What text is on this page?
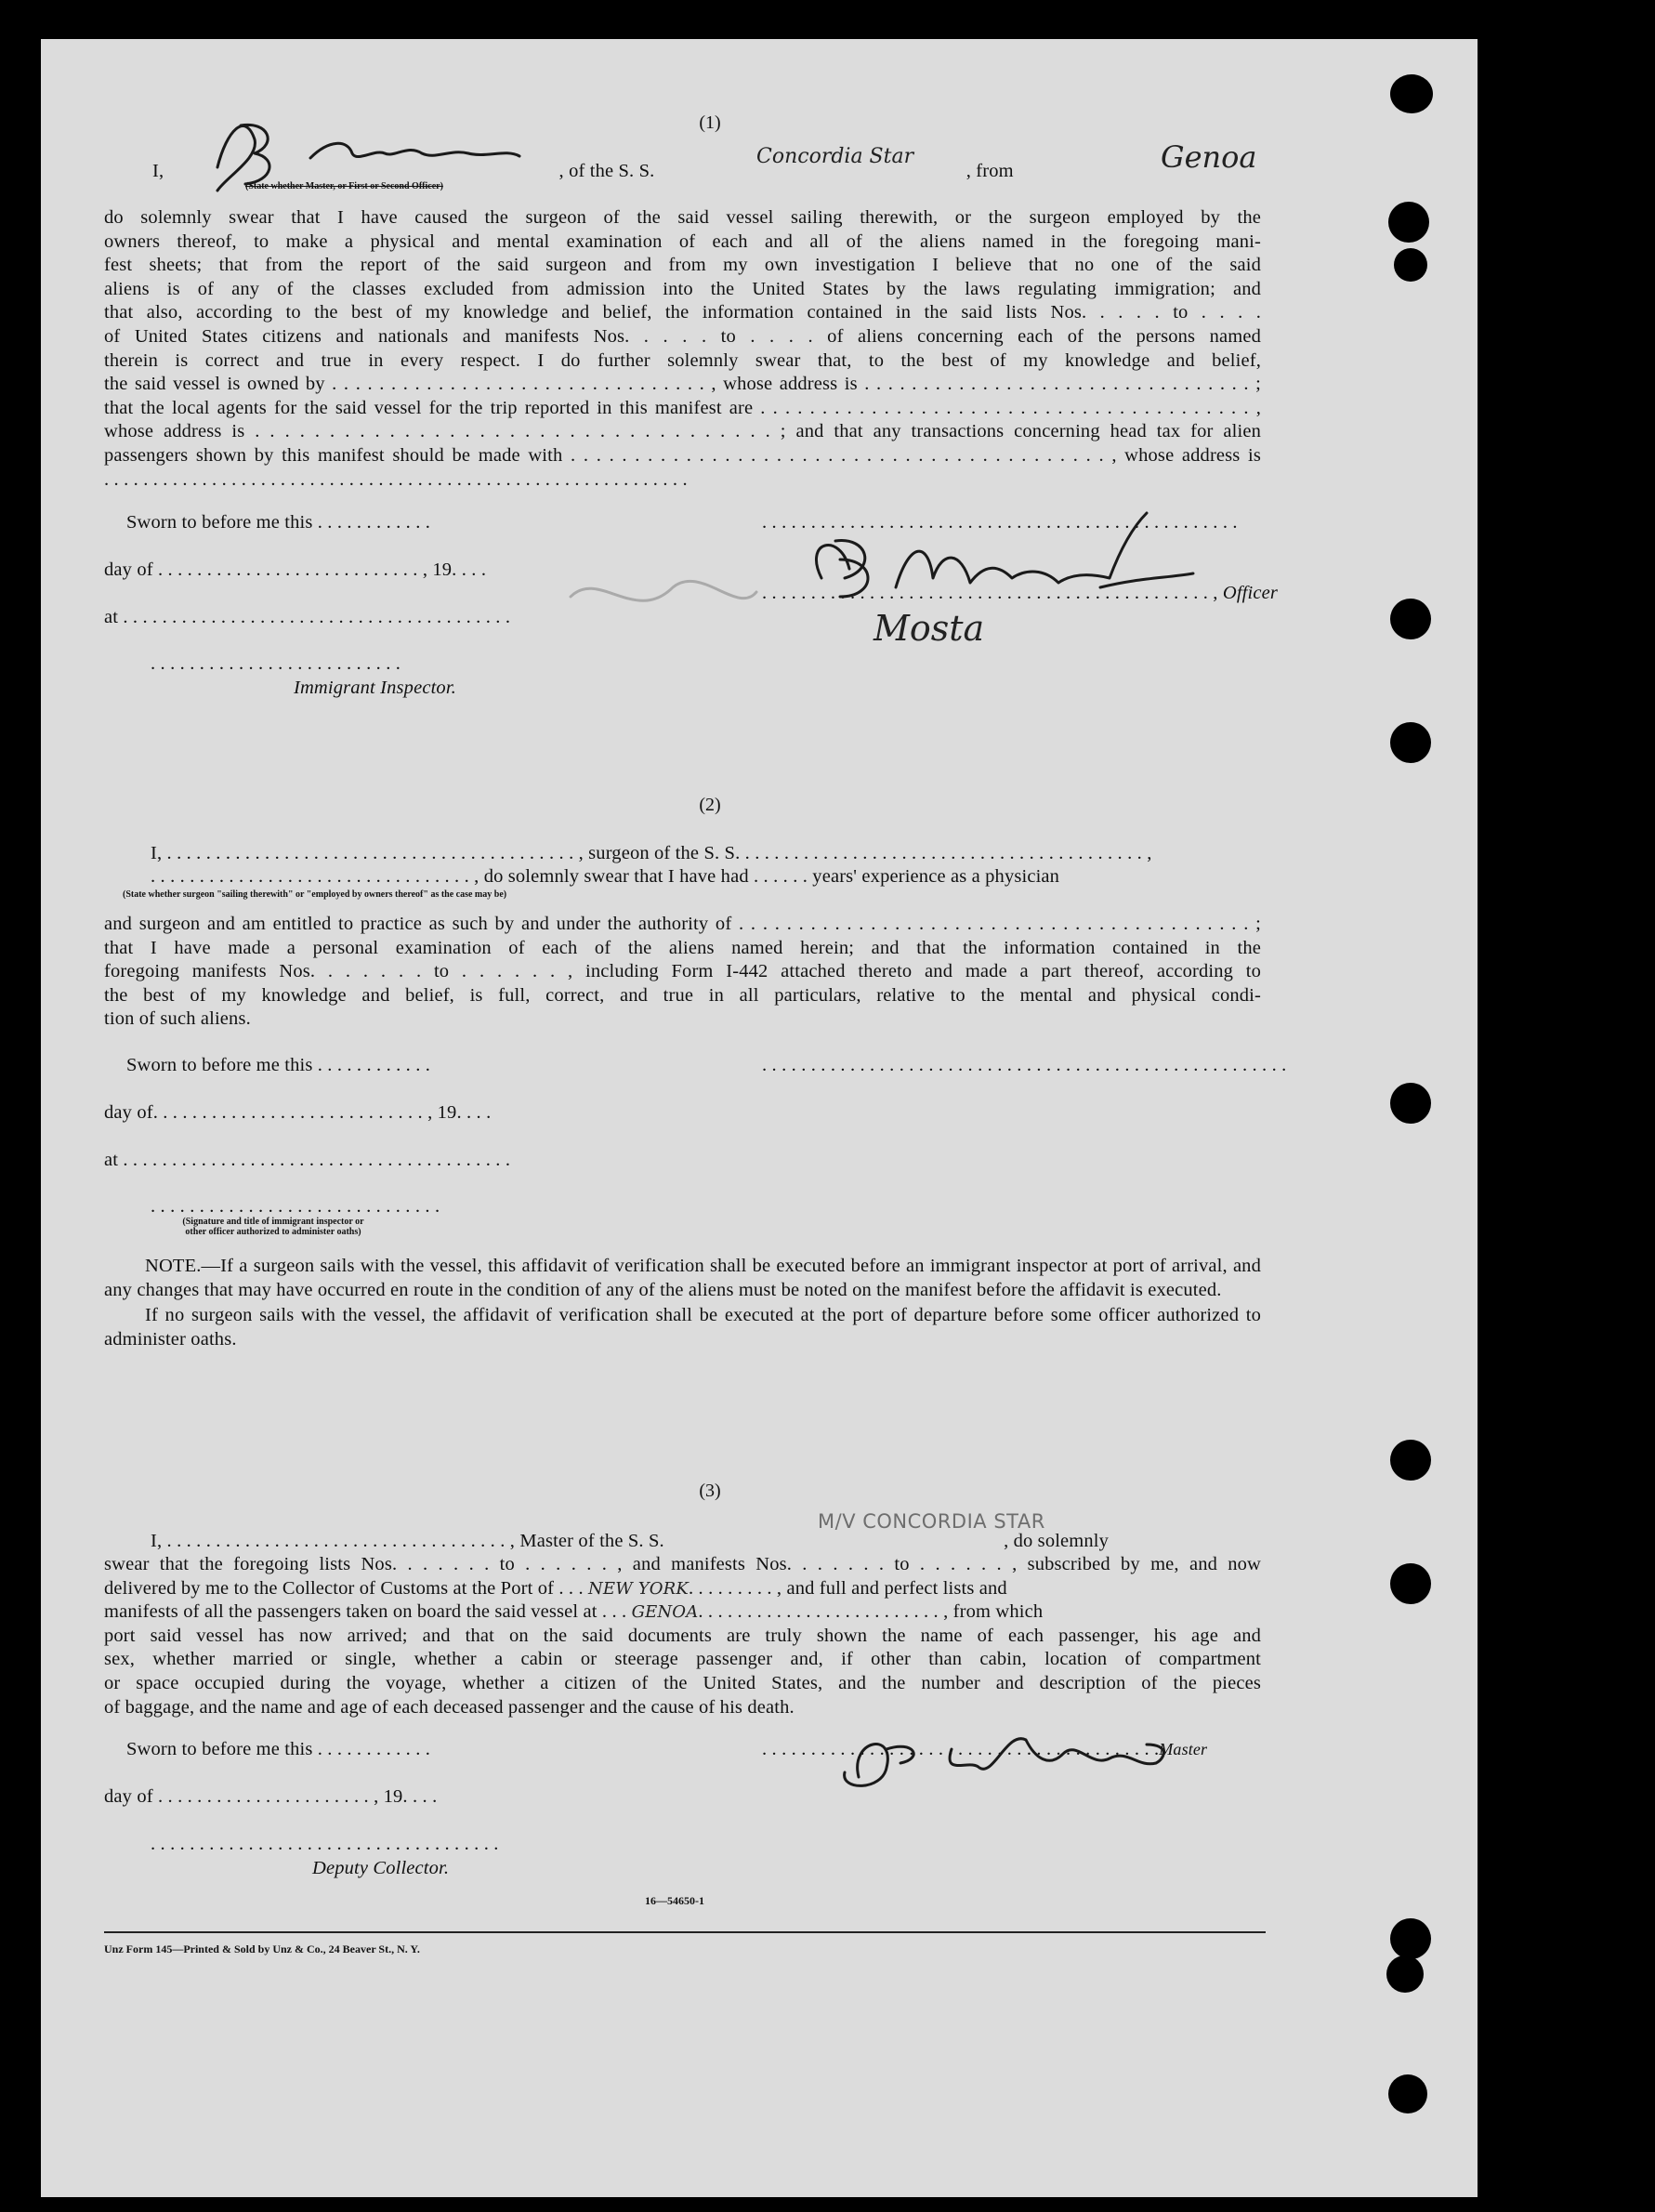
(1)
I,	, of the S. S.	, from
(State whether Master, or First or Second Officer)
Concordia Star	Genoa

do solemnly swear that I have caused the surgeon of the said vessel sailing therewith, or the surgeon employed by the

owners thereof, to make a physical and mental examination of each and all of the aliens named in the foregoing mani-

fest sheets; that from the report of the said surgeon and from my own investigation I believe that no one of the said

aliens is of any of the classes excluded from admission into the United States by the laws regulating immigration; and

that also, according to the best of my knowledge and belief, the information contained in the said lists Nos. . . . . to . . . .

of United States citizens and nationals and manifests Nos. . . . . to . . . . of aliens concerning each of the persons named

therein is correct and true in every respect. I do further solemnly swear that, to the best of my knowledge and belief,

the said vessel is owned by . . . . . . . . . . . . . . . . . . . . . . . . . . . . . . . . , whose address is . . . . . . . . . . . . . . . . . . . . . . . . . . . . . . . . . ;

that the local agents for the said vessel for the trip reported in this manifest are . . . . . . . . . . . . . . . . . . . . . . . . . . . . . . . . . . . . . . . . ,

whose address is . . . . . . . . . . . . . . . . . . . . . . . . . . . . . . . . . . . ; and that any transactions concerning head tax for alien

passengers shown by this manifest should be made with . . . . . . . . . . . . . . . . . . . . . . . . . . . . . . . . . . . . . . . . . . , whose address is

. . . . . . . . . . . . . . . . . . . . . . . . . . . . . . . . . . . . . . . . . . . . . . . . . . . . . . . . . . . .

Sworn to before me this . . . . . . . . . . . .
day of . . . . . . . . . . . . . . . . . . . . . . . . . . . , 19. . . .
at . . . . . . . . . . . . . . . . . . . . . . . . . . . . . . . . . . . . . . . .
. . . . . . . . . . . . . . . . . . . . . . . . . .
Immigrant Inspector.
. . . . . . . . . . . . . . . . . . . . . . . . . . . . . . . . . . . . . . . . . . . . . . . . .
. . . . . . . . . . . . . . . . . . . . . . . . . . . . . . . . . . . . . . . . . . . . . . , Officer
Mosta
(2)
I, . . . . . . . . . . . . . . . . . . . . . . . . . . . . . . . . . . . . . . . . . . , surgeon of the S. S. . . . . . . . . . . . . . . . . . . . . . . . . . . . . . . . . . . . . . . . . . ,
. . . . . . . . . . . . . . . . . . . . . . . . . . . . . . . . . , do solemnly swear that I have had . . . . . . years' experience as a physician
(State whether surgeon "sailing therewith" or "employed by owners thereof" as the case may be)

and surgeon and am entitled to practice as such by and under the authority of . . . . . . . . . . . . . . . . . . . . . . . . . . . . . . . . . . . . . . . . . . . ;

that I have made a personal examination of each of the aliens named herein; and that the information contained in the

foregoing manifests Nos. . . . . . . to . . . . . . , including Form I-442 attached thereto and made a part thereof, according to

the best of my knowledge and belief, is full, correct, and true in all particulars, relative to the mental and physical condi-

tion of such aliens.

Sworn to before me this . . . . . . . . . . . .	. . . . . . . . . . . . . . . . . . . . . . . . . . . . . . . . . . . . . . . . . . . . . . . . . . . . . .
day of. . . . . . . . . . . . . . . . . . . . . . . . . . . . , 19. . . .
at . . . . . . . . . . . . . . . . . . . . . . . . . . . . . . . . . . . . . . . .
. . . . . . . . . . . . . . . . . . . . . . . . . . . . . .
(Signature and title of immigrant inspector or other officer authorized to administer oaths)

NOTE.—If a surgeon sails with the vessel, this affidavit of verification shall be executed before an immigrant inspector at port of arrival, and any changes that may have occurred en route in the condition of any of the aliens must be noted on the manifest before the affidavit is executed.

If no surgeon sails with the vessel, the affidavit of verification shall be executed at the port of departure before some officer authorized to administer oaths.

(3)
I, . . . . . . . . . . . . . . . . . . . . . . . . . . . . . . . . . . . , Master of the S. S.	, do solemnly
M/V CONCORDIA STAR

swear that the foregoing lists Nos. . . . . . . to . . . . . . , and manifests Nos. . . . . . . to . . . . . . , subscribed by me, and now

delivered by me to the Collector of Customs at the Port of . . . NEW YORK. . . . . . . . . , and full and perfect lists and

manifests of all the passengers taken on board the said vessel at . . . GENOA. . . . . . . . . . . . . . . . . . . . . . . . . , from which

port said vessel has now arrived; and that on the said documents are truly shown the name of each passenger, his age and

sex, whether married or single, whether a cabin or steerage passenger and, if other than cabin, location of compartment

or space occupied during the voyage, whether a citizen of the United States, and the number and description of the pieces

of baggage, and the name and age of each deceased passenger and the cause of his death.

Sworn to before me this . . . . . . . . . . . .	. . . . . . . . . . . . . . . . . . . . . . . . . . . . . . . . . . . . . . . . .Master
day of . . . . . . . . . . . . . . . . . . . . . . , 19. . . .
. . . . . . . . . . . . . . . . . . . . . . . . . . . . . . . . . . . .
Deputy Collector.
16—54650-1
Unz Form 145—Printed & Sold by Unz & Co., 24 Beaver St., N. Y.
